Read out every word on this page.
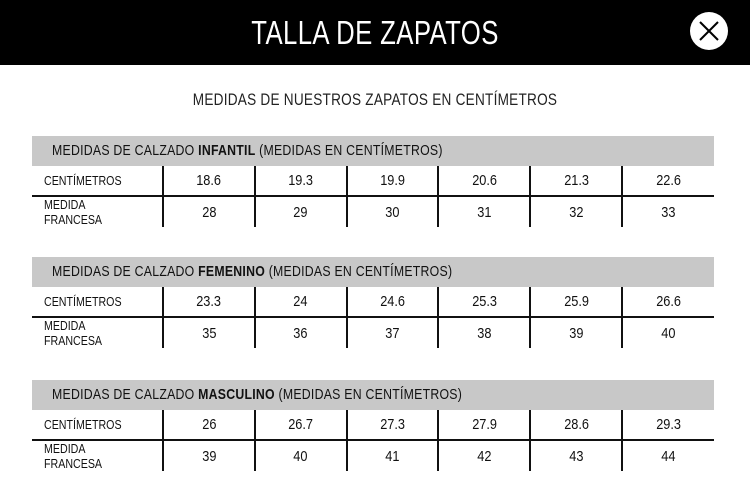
TALLA DE ZAPATOS
MEDIDAS DE NUESTROS ZAPATOS EN CENTÍMETROS
MEDIDAS DE CALZADO INFANTIL (MEDIDAS EN CENTÍMETROS)
CENTÍMETROS	18.6	19.3	19.9	20.6	21.3	22.6
MEDIDA FRANCESA	28	29	30	31	32	33
MEDIDAS DE CALZADO FEMENINO (MEDIDAS EN CENTÍMETROS)
CENTÍMETROS	23.3	24	24.6	25.3	25.9	26.6
MEDIDA FRANCESA	35	36	37	38	39	40
MEDIDAS DE CALZADO MASCULINO (MEDIDAS EN CENTÍMETROS)
CENTÍMETROS	26	26.7	27.3	27.9	28.6	29.3
MEDIDA FRANCESA	39	40	41	42	43	44
